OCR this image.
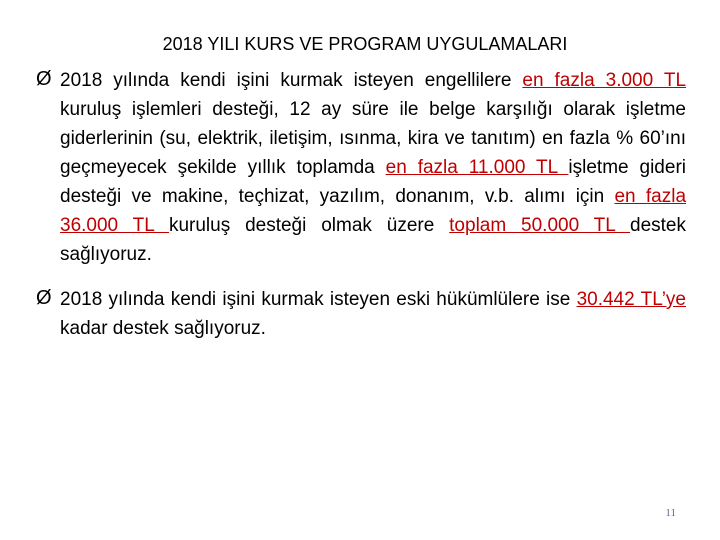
2018 YILI KURS VE PROGRAM UYGULAMALARI
Ø 2018 yılında kendi işini kurmak isteyen engellilere en fazla 3.000 TL kuruluş işlemleri desteği, 12 ay süre ile belge karşılığı olarak işletme giderlerinin (su, elektrik, iletişim, ısınma, kira ve tanıtım) en fazla % 60’ını geçmeyecek şekilde yıllık toplamda en fazla 11.000 TL işletme gideri desteği ve makine, teçhizat, yazılım, donanım, v.b. alımı için en fazla 36.000 TL kuruluş desteği olmak üzere toplam 50.000 TL destek sağlıyoruz.
Ø 2018 yılında kendi işini kurmak isteyen eski hükümlülere ise 30.442 TL’ye kadar destek sağlıyoruz.
11
